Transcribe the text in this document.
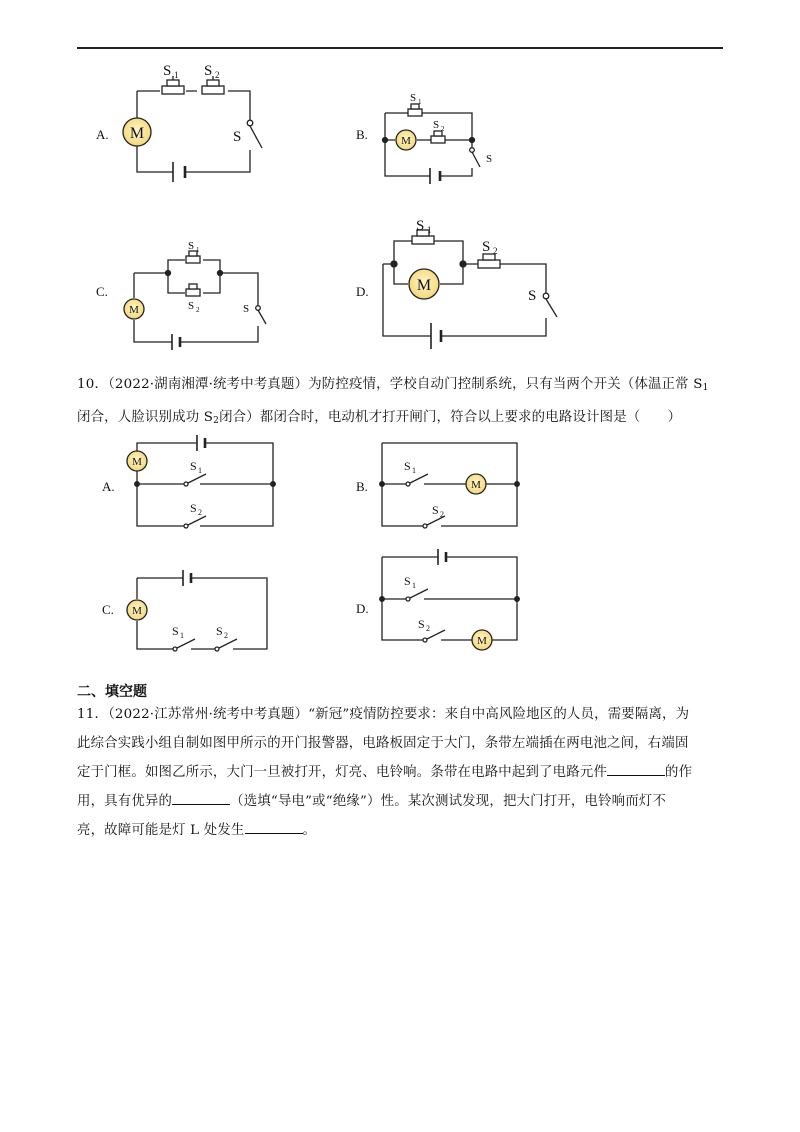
A. M
S 1 S 2
S	B.	M
S 1
S 2
S
C.
M
S 1
S 2	S
D.	M
S 1
S 2
S
A.
M	S 1
S 2
B.	M
S 1
S 2
C. M
S 1	S 2
D.
M
S 1
S 2
10．（2022·湖南湘潭·统考中考真题）为防控疫情，学校自动门控制系统，只有当两个开关（体温正常 $S_1$
闭合，人脸识别成功 $S_2$闭合）都闭合时，电动机才打开闸门，符合以上要求的电路设计图是（　　）
二、填空题
11．（2022·江苏常州·统考中考真题）“新冠”疫情防控要求：来自中高风险地区的人员，需要隔离，为
此综合实践小组自制如图甲所示的开门报警器，电路板固定于大门，条带左端插在两电池之间，右端固
定于门框。如图乙所示，大门一旦被打开，灯亮、电铃响。条带在电路中起到了电路元件	的作
用，具有优异的	（选填“导电”或“绝缘”）性。某次测试发现，把大门打开，电铃响而灯不
亮，故障可能是灯 L 处发生	。
